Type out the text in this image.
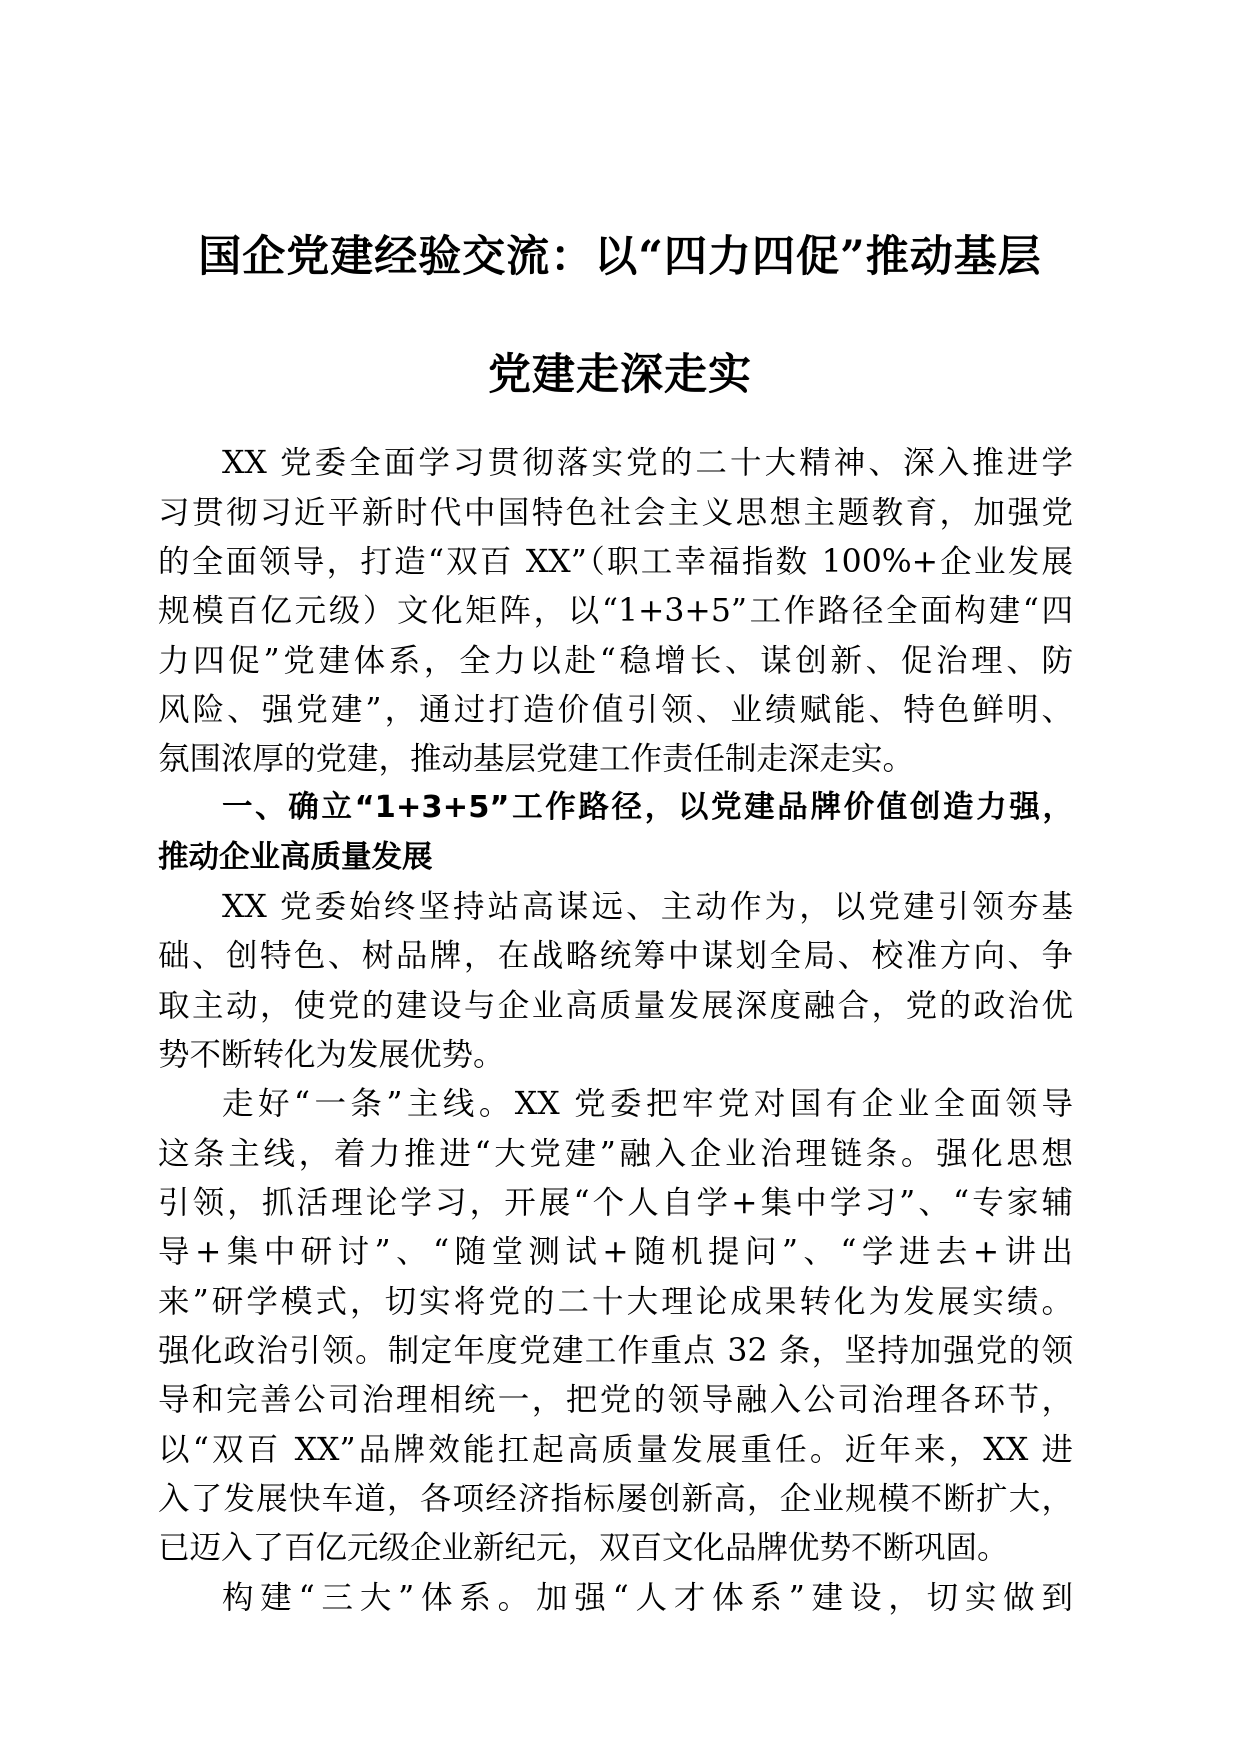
国企党建经验交流：以“四力四促”推动基层
党建走深走实

XX 党委全面学习贯彻落实党的二十大精神、深入推进学

习贯彻习近平新时代中国特色社会主义思想主题教育，加强党

的全面领导，打造“双百 XX”（职工幸福指数 100%+企业发展

规模百亿元级）文化矩阵，以“1+3+5”工作路径全面构建“四

力四促”党建体系，全力以赴“稳增长、谋创新、促治理、防

风险、强党建”，通过打造价值引领、业绩赋能、特色鲜明、

氛围浓厚的党建，推动基层党建工作责任制走深走实。

一、确立“1+3+5”工作路径，以党建品牌价值创造力强，

推动企业高质量发展

XX 党委始终坚持站高谋远、主动作为，以党建引领夯基

础、创特色、树品牌，在战略统筹中谋划全局、校准方向、争

取主动，使党的建设与企业高质量发展深度融合，党的政治优

势不断转化为发展优势。

走好“一条”主线。XX 党委把牢党对国有企业全面领导

这条主线，着力推进“大党建”融入企业治理链条。强化思想

引领，抓活理论学习，开展“个人自学+集中学习”、“专家辅

导+集中研讨”、“随堂测试+随机提问”、“学进去+讲出

来”研学模式，切实将党的二十大理论成果转化为发展实绩。

强化政治引领。制定年度党建工作重点 32 条，坚持加强党的领

导和完善公司治理相统一，把党的领导融入公司治理各环节，

以“双百 XX”品牌效能扛起高质量发展重任。近年来，XX 进

入了发展快车道，各项经济指标屡创新高，企业规模不断扩大，

已迈入了百亿元级企业新纪元，双百文化品牌优势不断巩固。

构建“三大”体系。加强“人才体系”建设，切实做到
